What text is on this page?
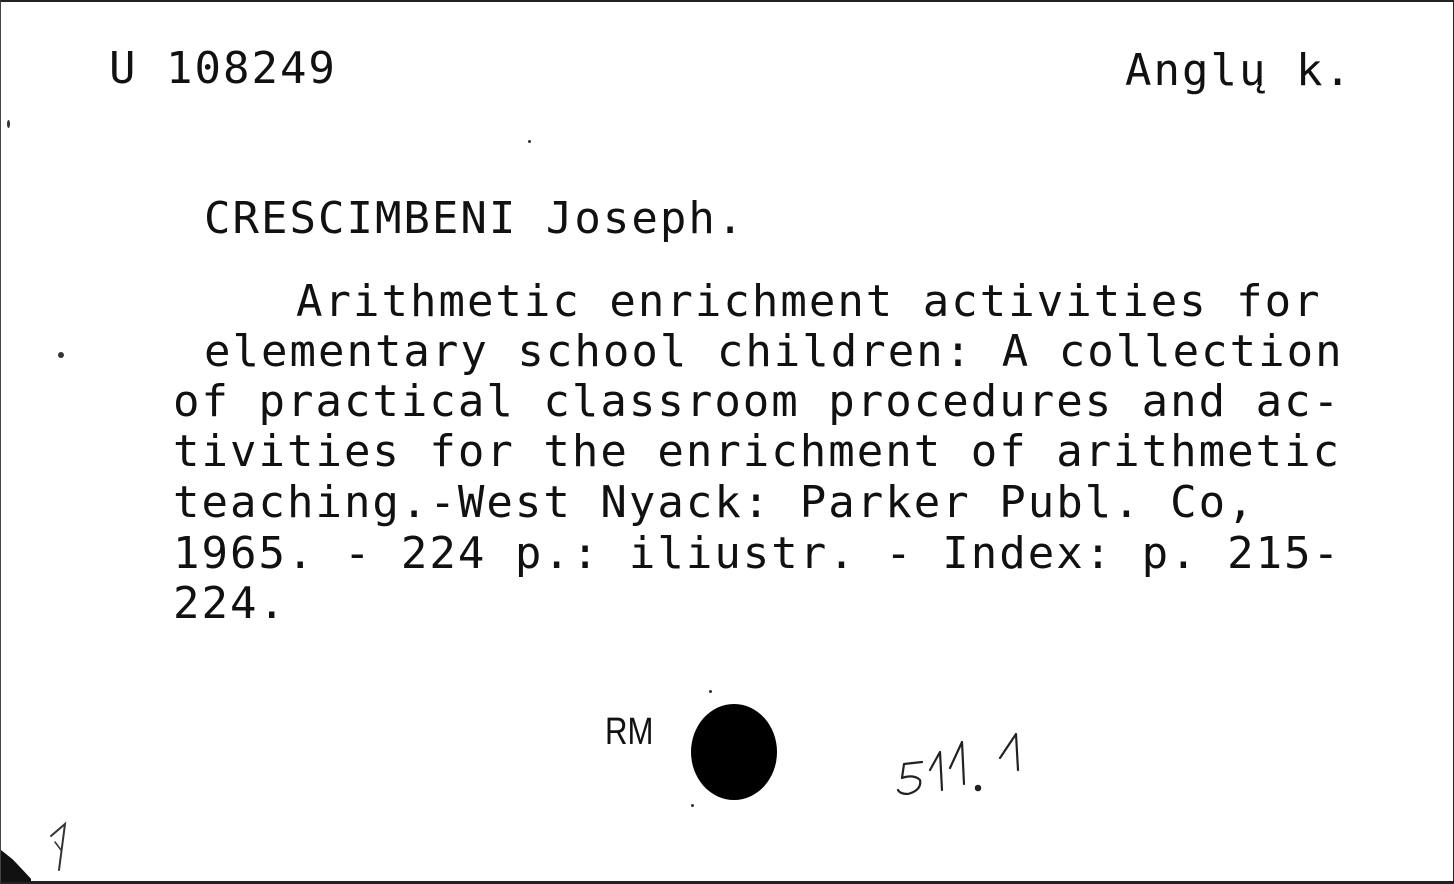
U 108249	Anglų k.
CRESCIMBENI Joseph.
Arithmetic enrichment activities for
elementary school children: A collection
of practical classroom procedures and ac-
tivities for the enrichment of arithmetic
teaching.-West Nyack: Parker Publ. Co,
1965. - 224 p.: iliustr. - Index: p. 215-
224.
RM
